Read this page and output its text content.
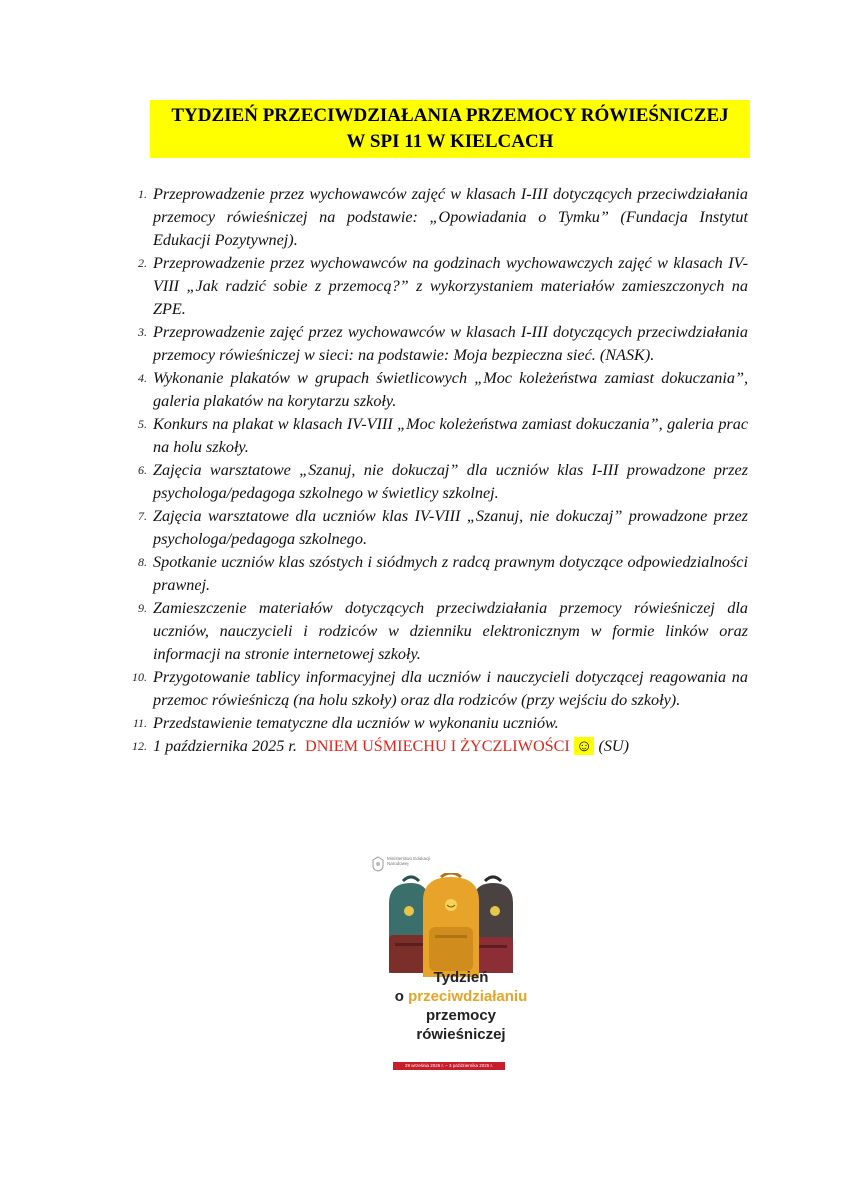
TYDZIEŃ PRZECIWDZIAŁANIA PRZEMOCY RÓWIEŚNICZEJ
W SPI 11 W KIELCACH
1. Przeprowadzenie przez wychowawców zajęć w klasach I-III dotyczących przeciwdziałania przemocy rówieśniczej na podstawie: „Opowiadania o Tymku” (Fundacja Instytut Edukacji Pozytywnej).
2. Przeprowadzenie przez wychowawców na godzinach wychowawczych zajęć w klasach IV-VIII „Jak radzić sobie z przemocą?” z wykorzystaniem materiałów zamieszczonych na ZPE.
3. Przeprowadzenie zajęć przez wychowawców w klasach I-III dotyczących przeciwdziałania przemocy rówieśniczej w sieci: na podstawie: Moja bezpieczna sieć. (NASK).
4. Wykonanie plakatów w grupach świetlicowych „Moc koleżeństwa zamiast dokuczania”, galeria plakatów na korytarzu szkoły.
5. Konkurs na plakat w klasach IV-VIII „Moc koleżeństwa zamiast dokuczania”, galeria prac na holu szkoły.
6. Zajęcia warsztatowe „Szanuj, nie dokuczaj” dla uczniów klas I-III prowadzone przez psychologa/pedagoga szkolnego w świetlicy szkolnej.
7. Zajęcia warsztatowe dla uczniów klas IV-VIII „Szanuj, nie dokuczaj” prowadzone przez psychologa/pedagoga szkolnego.
8. Spotkanie uczniów klas szóstych i siódmych z radcą prawnym dotyczące odpowiedzialności prawnej.
9. Zamieszczenie materiałów dotyczących przeciwdziałania przemocy rówieśniczej dla uczniów, nauczycieli i rodziców w dzienniku elektronicznym w formie linków oraz informacji na stronie internetowej szkoły.
10. Przygotowanie tablicy informacyjnej dla uczniów i nauczycieli dotyczącej reagowania na przemoc rówieśniczą (na holu szkoły) oraz dla rodziców (przy wejściu do szkoły).
11. Przedstawienie tematyczne dla uczniów w wykonaniu uczniów.
12. 1 października 2025 r. DNIEM UŚMIECHU I ŻYCZLIWOŚCI ☺ (SU)
Ministerstwo Edukacji Narodowej
Tydzień
o przeciwdziałaniu
przemocy
rówieśniczej
29 września 2025 r. – 3 października 2025 r.
